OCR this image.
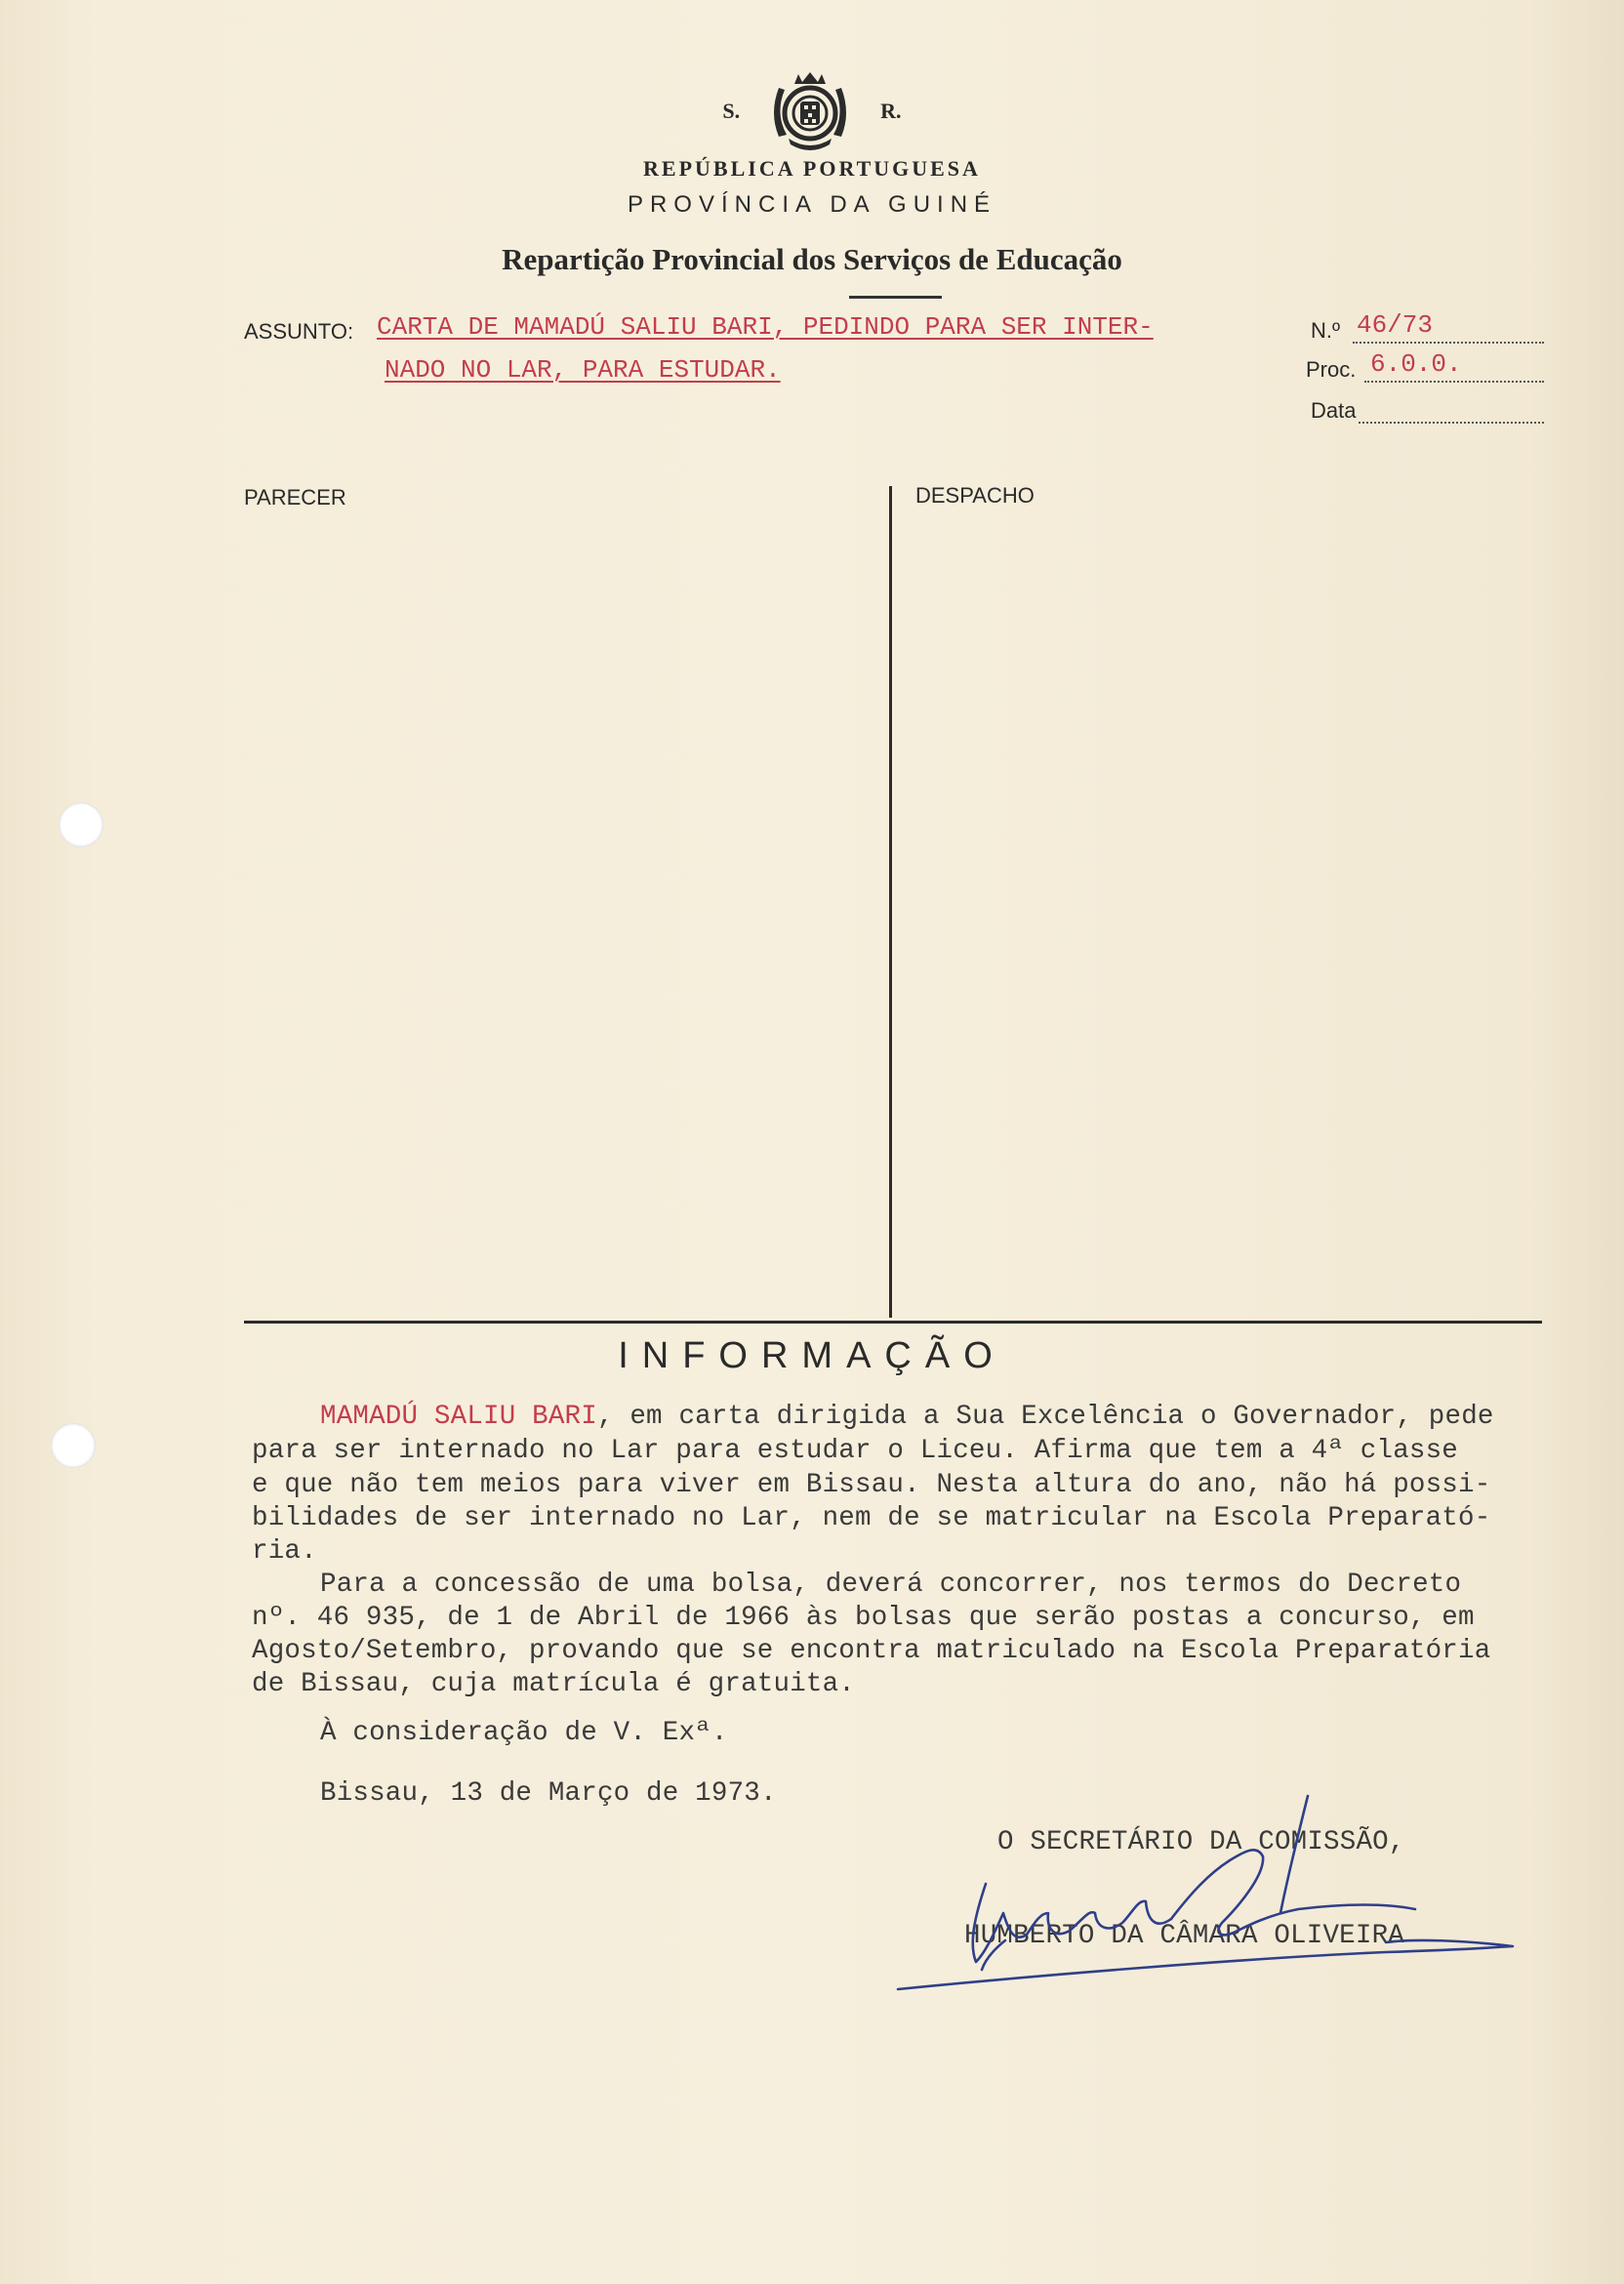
S.	R.
REPÚBLICA PORTUGUESA
PROVÍNCIA DA GUINÉ
Repartição Provincial dos Serviços de Educação
ASSUNTO: CARTA DE MAMADÚ SALIU BARI, PEDINDO PARA SER INTER-
NADO NO LAR, PARA ESTUDAR.
N.º 46/73
Proc. 6.0.0.
Data
PARECER	DESPACHO
INFORMAÇÃO
MAMADÚ SALIU BARI, em carta dirigida a Sua Excelência o Governador, pede
para ser internado no Lar para estudar o Liceu. Afirma que tem a 4ª classe
e que não tem meios para viver em Bissau. Nesta altura do ano, não há possi-
bilidades de ser internado no Lar, nem de se matricular na Escola Preparató-
ria.
Para a concessão de uma bolsa, deverá concorrer, nos termos do Decreto
nº. 46 935, de 1 de Abril de 1966 às bolsas que serão postas a concurso, em
Agosto/Setembro, provando que se encontra matriculado na Escola Preparatória
de Bissau, cuja matrícula é gratuita.
À consideração de V. Exª.
Bissau, 13 de Março de 1973.
O SECRETÁRIO DA COMISSÃO,
HUMBERTO DA CÂMARA OLIVEIRA
